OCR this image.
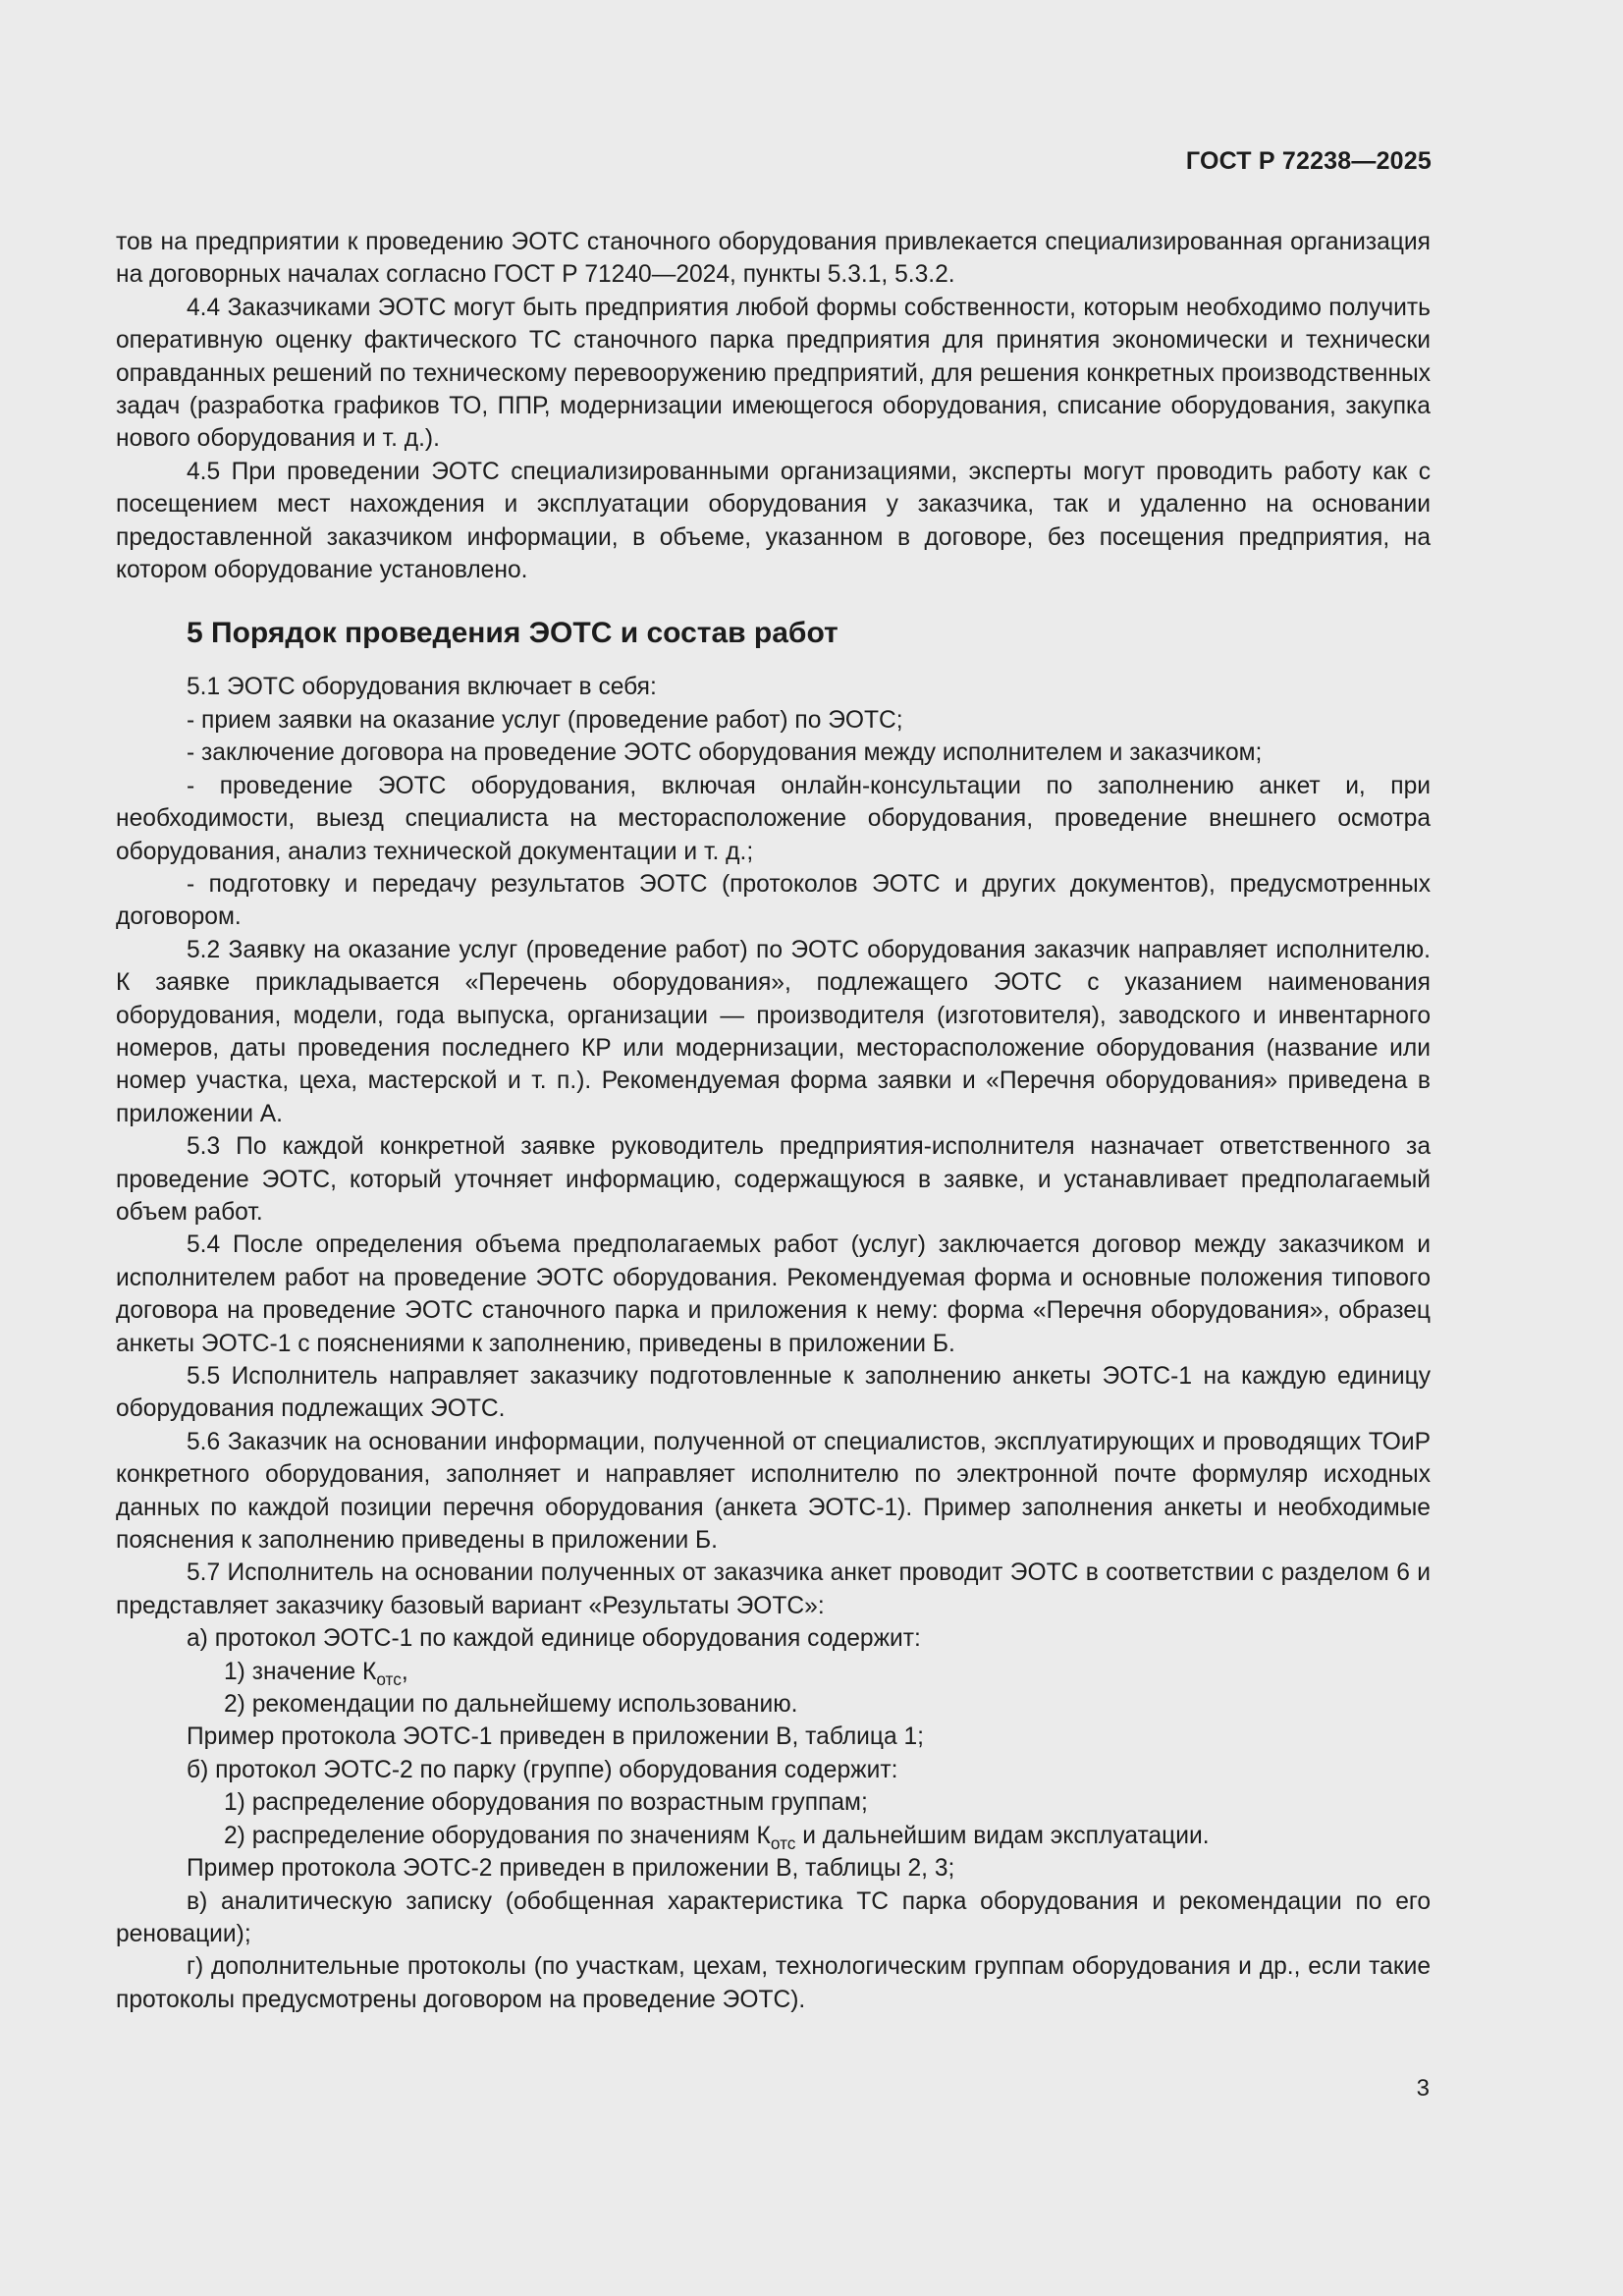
ГОСТ Р 72238—2025

тов на предприятии к проведению ЭОТС станочного оборудования привлекается специализированная организация на договорных началах согласно ГОСТ Р 71240—2024, пункты 5.3.1, 5.3.2.

4.4 Заказчиками ЭОТС могут быть предприятия любой формы собственности, которым необходимо получить оперативную оценку фактического ТС станочного парка предприятия для принятия экономически и технически оправданных решений по техническому перевооружению предприятий, для решения конкретных производственных задач (разработка графиков ТО, ППР, модернизации имеющегося оборудования, списание оборудования, закупка нового оборудования и т. д.).

4.5 При проведении ЭОТС специализированными организациями, эксперты могут проводить работу как с посещением мест нахождения и эксплуатации оборудования у заказчика, так и удаленно на основании предоставленной заказчиком информации, в объеме, указанном в договоре, без посещения предприятия, на котором оборудование установлено.

5 Порядок проведения ЭОТС и состав работ

5.1 ЭОТС оборудования включает в себя:

- прием заявки на оказание услуг (проведение работ) по ЭОТС;

- заключение договора на проведение ЭОТС оборудования между исполнителем и заказчиком;

- проведение ЭОТС оборудования, включая онлайн-консультации по заполнению анкет и, при необходимости, выезд специалиста на месторасположение оборудования, проведение внешнего осмотра оборудования, анализ технической документации и т. д.;

- подготовку и передачу результатов ЭОТС (протоколов ЭОТС и других документов), предусмотренных договором.

5.2 Заявку на оказание услуг (проведение работ) по ЭОТС оборудования заказчик направляет исполнителю. К заявке прикладывается «Перечень оборудования», подлежащего ЭОТС с указанием наименования оборудования, модели, года выпуска, организации — производителя (изготовителя), заводского и инвентарного номеров, даты проведения последнего КР или модернизации, месторасположение оборудования (название или номер участка, цеха, мастерской и т. п.). Рекомендуемая форма заявки и «Перечня оборудования» приведена в приложении А.

5.3 По каждой конкретной заявке руководитель предприятия-исполнителя назначает ответственного за проведение ЭОТС, который уточняет информацию, содержащуюся в заявке, и устанавливает предполагаемый объем работ.

5.4 После определения объема предполагаемых работ (услуг) заключается договор между заказчиком и исполнителем работ на проведение ЭОТС оборудования. Рекомендуемая форма и основные положения типового договора на проведение ЭОТС станочного парка и приложения к нему: форма «Перечня оборудования», образец анкеты ЭОТС-1 с пояснениями к заполнению, приведены в приложении Б.

5.5 Исполнитель направляет заказчику подготовленные к заполнению анкеты ЭОТС-1 на каждую единицу оборудования подлежащих ЭОТС.

5.6 Заказчик на основании информации, полученной от специалистов, эксплуатирующих и проводящих ТОиР конкретного оборудования, заполняет и направляет исполнителю по электронной почте формуляр исходных данных по каждой позиции перечня оборудования (анкета ЭОТС-1). Пример заполнения анкеты и необходимые пояснения к заполнению приведены в приложении Б.

5.7 Исполнитель на основании полученных от заказчика анкет проводит ЭОТС в соответствии с разделом 6 и представляет заказчику базовый вариант «Результаты ЭОТС»:

а) протокол ЭОТС-1 по каждой единице оборудования содержит:

1) значение $К_{отс}$,

2) рекомендации по дальнейшему использованию.

Пример протокола ЭОТС-1 приведен в приложении В, таблица 1;

б) протокол ЭОТС-2 по парку (группе) оборудования содержит:

1) распределение оборудования по возрастным группам;

2) распределение оборудования по значениям $К_{отс}$ и дальнейшим видам эксплуатации.

Пример протокола ЭОТС-2 приведен в приложении В, таблицы 2, 3;

в) аналитическую записку (обобщенная характеристика ТС парка оборудования и рекомендации по его реновации);

г) дополнительные протоколы (по участкам, цехам, технологическим группам оборудования и др., если такие протоколы предусмотрены договором на проведение ЭОТС).

3
